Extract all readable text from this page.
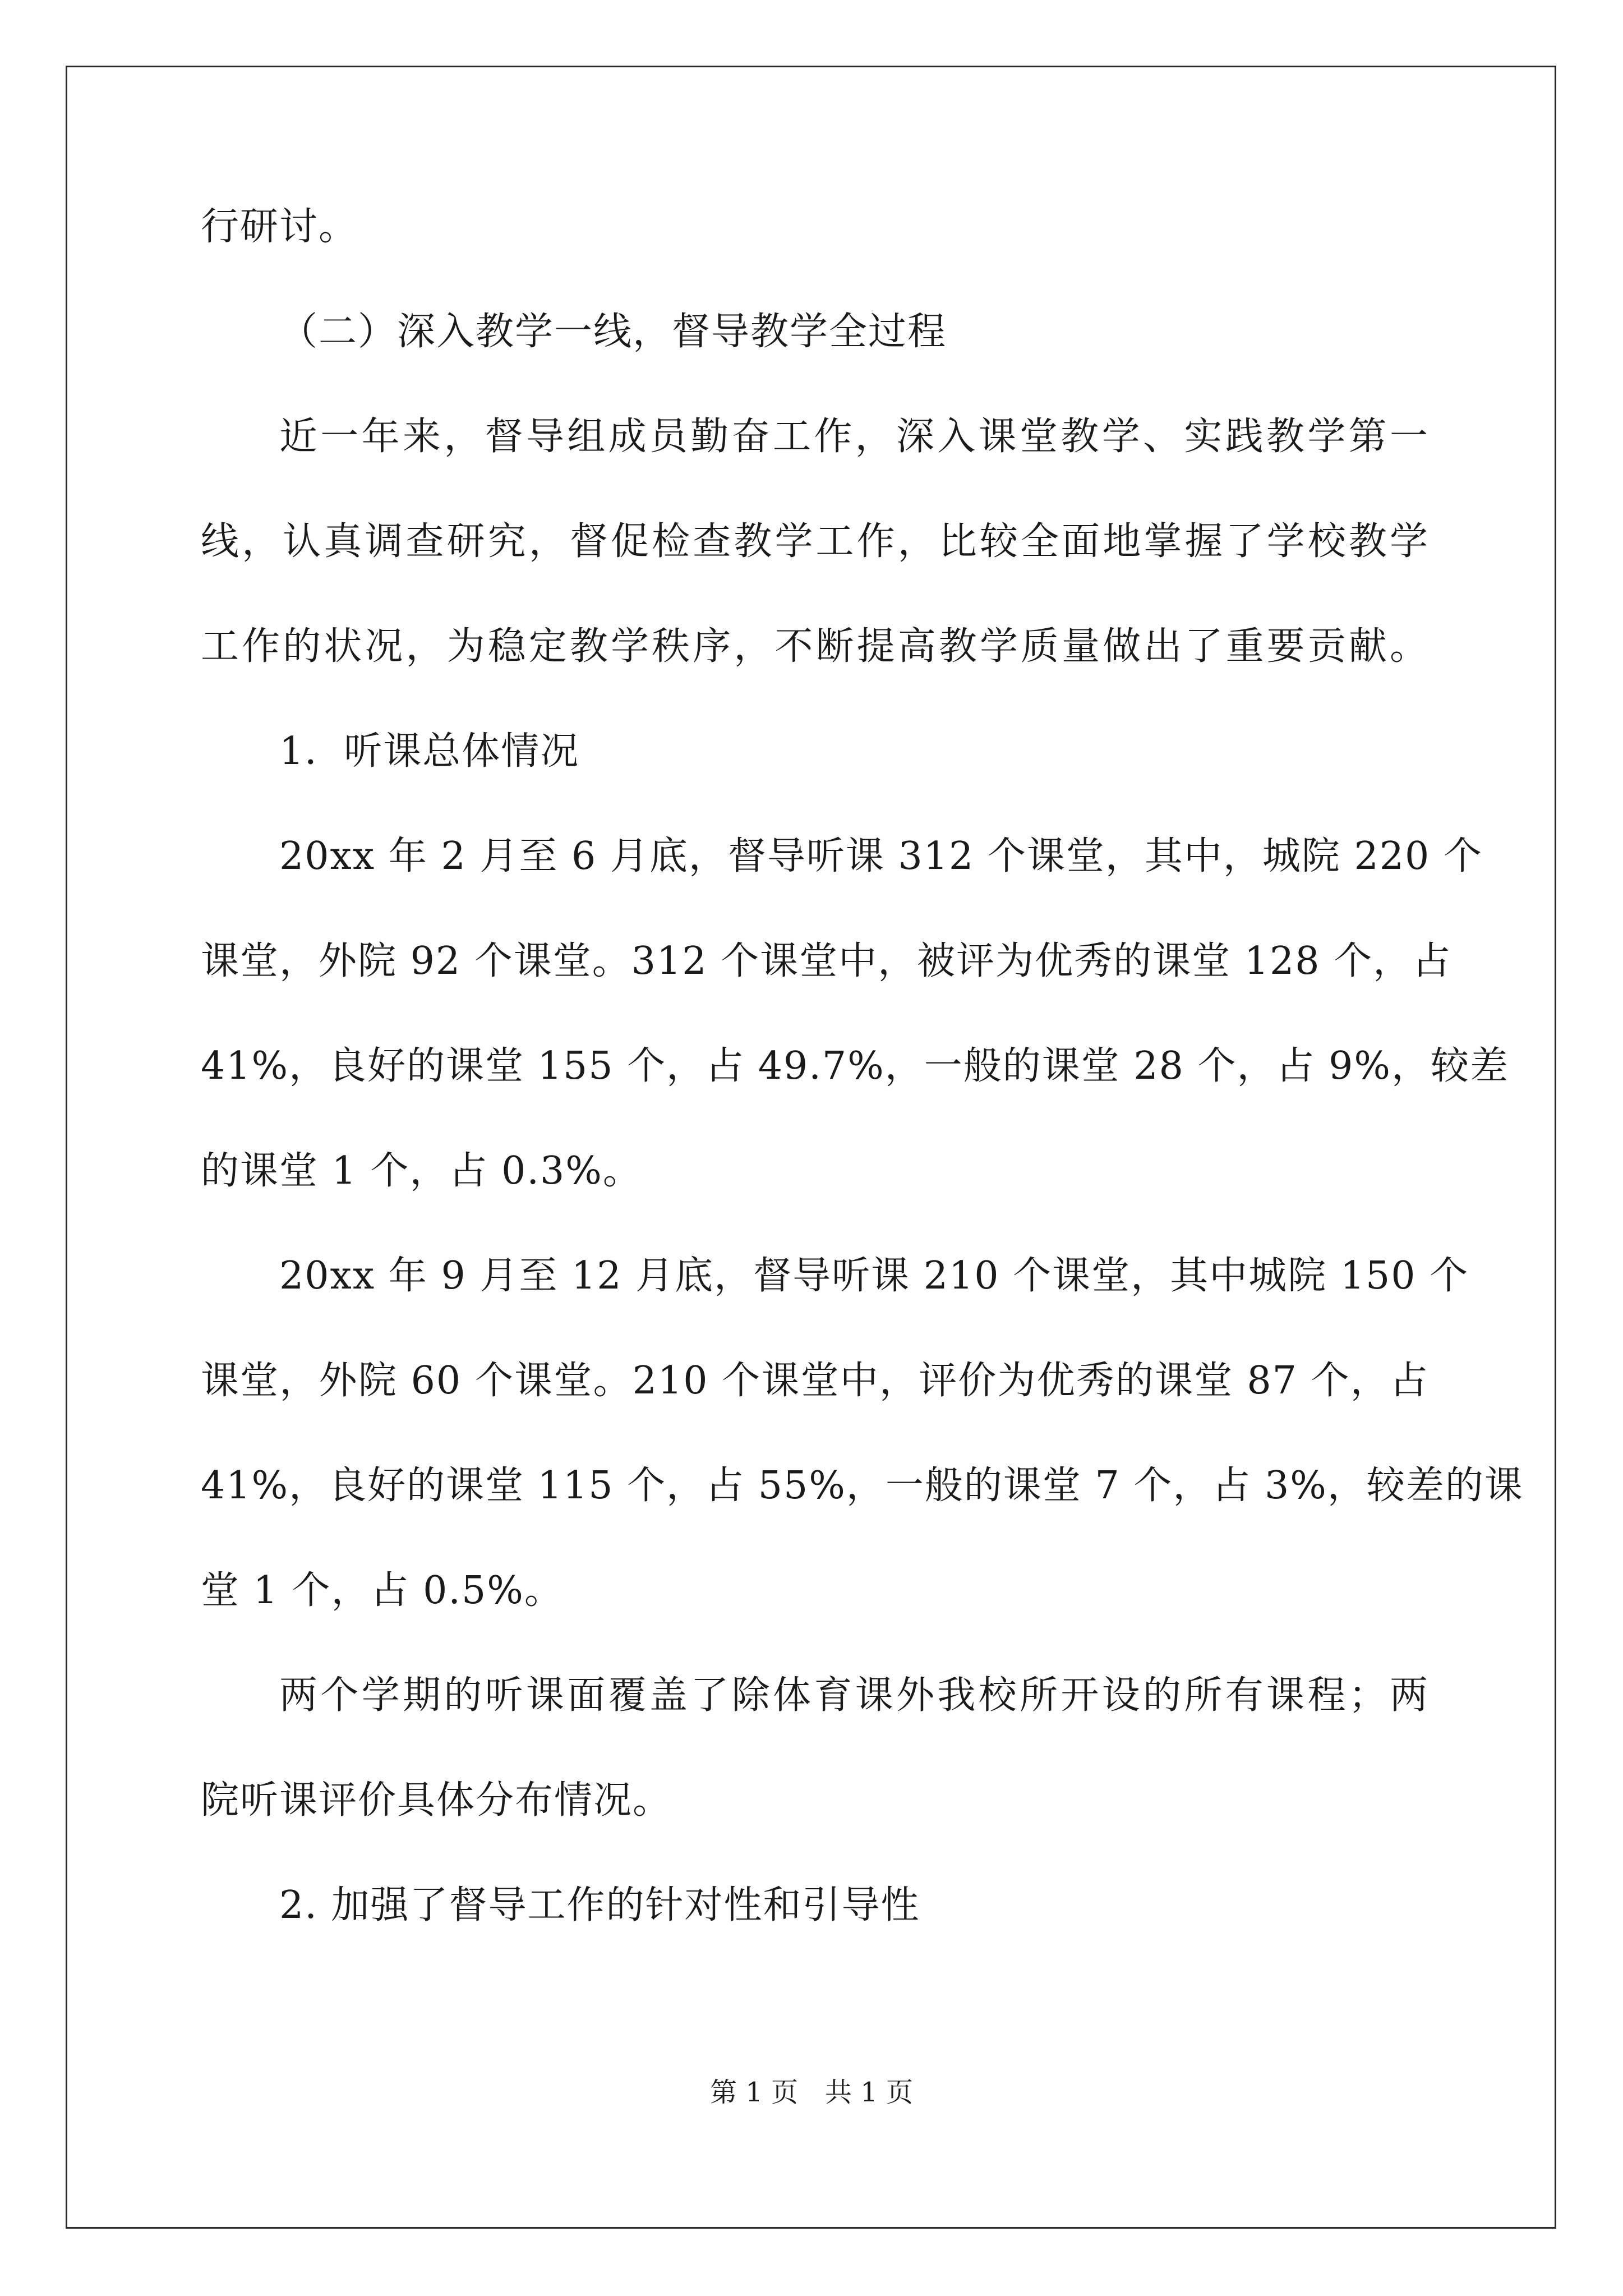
行研讨。

（二）深入教学一线，督导教学全过程

近一年来，督导组成员勤奋工作，深入课堂教学、实践教学第一

线，认真调查研究，督促检查教学工作，比较全面地掌握了学校教学

工作的状况，为稳定教学秩序，不断提高教学质量做出了重要贡献。

1．听课总体情况

20xx 年 2 月至 6 月底，督导听课 312 个课堂，其中，城院 220 个

课堂，外院 92 个课堂。312 个课堂中，被评为优秀的课堂 128 个，占

41%，良好的课堂 155 个，占 49.7%，一般的课堂 28 个，占 9%，较差

的课堂 1 个，占 0.3%。

20xx 年 9 月至 12 月底，督导听课 210 个课堂，其中城院 150 个

课堂，外院 60 个课堂。210 个课堂中，评价为优秀的课堂 87 个，占

41%，良好的课堂 115 个，占 55%，一般的课堂 7 个，占 3%，较差的课

堂 1 个，占 0.5%。

两个学期的听课面覆盖了除体育课外我校所开设的所有课程；两

院听课评价具体分布情况。

2. 加强了督导工作的针对性和引导性

第 1 页　共 1 页
